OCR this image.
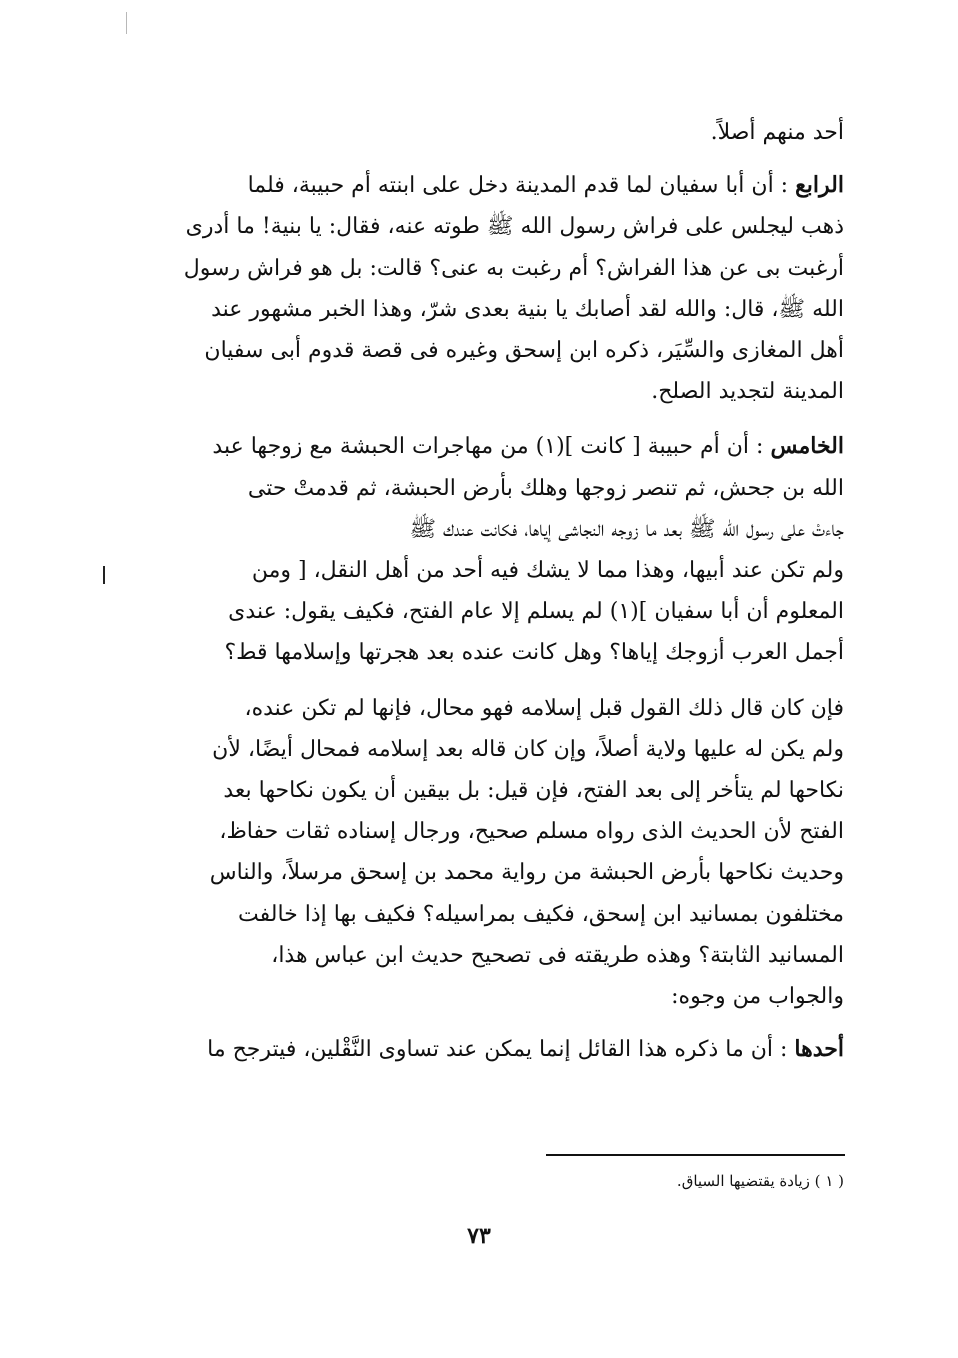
أحد منهم أصلاً.

الرابع : أن أبا سفيان لما قدم المدينة دخل على ابنته أم حبيبة، فلما

ذهب ليجلس على فراش رسول الله ﷺ طوته عنه، فقال: يا بنية! ما أدرى

أرغبت بى عن هذا الفراش؟ أم رغبت به عنى؟ قالت: بل هو فراش رسول

الله ﷺ، قال: والله لقد أصابك يا بنية بعدى شرّ، وهذا الخبر مشهور عند

أهل المغازى والسِّيَر، ذكره ابن إسحق وغيره فى قصة قدوم أبى سفيان

المدينة لتجديد الصلح.

الخامس : أن أم حبيبة [ كانت ](١) من مهاجرات الحبشة مع زوجها عبد

الله بن جحش، ثم تنصر زوجها وهلك بأرض الحبشة، ثم قدمتْ حتى

جاءتْ على رسول الله ﷺ بعد ما زوجه النجاشى إياها، فكانت عندك ﷺ

ولم تكن عند أبيها، وهذا مما لا يشك فيه أحد من أهل النقل، [ ومن

المعلوم أن أبا سفيان ](١) لم يسلم إلا عام الفتح، فكيف يقول: عندى

أجمل العرب أزوجك إياها؟ وهل كانت عنده بعد هجرتها وإسلامها قط؟

فإن كان قال ذلك القول قبل إسلامه فهو محال، فإنها لم تكن عنده،

ولم يكن له عليها ولاية أصلاً، وإن كان قاله بعد إسلامه فمحال أيضًا، لأن

نكاحها لم يتأخر إلى بعد الفتح، فإن قيل: بل بيقين أن يكون نكاحها بعد

الفتح لأن الحديث الذى رواه مسلم صحيح، ورجال إسناده ثقات حفاظ،

وحديث نكاحها بأرض الحبشة من رواية محمد بن إسحق مرسلاً، والناس

مختلفون بمسانيد ابن إسحق، فكيف بمراسيله؟ فكيف بها إذا خالفت

المسانيد الثابتة؟ وهذه طريقته فى تصحيح حديث ابن عباس هذا،

والجواب من وجوه:

أحدها : أن ما ذكره هذا القائل إنما يمكن عند تساوى النَّقْلين، فيترجح ما

( ١ ) زيادة يقتضيها السياق.
٧٣
